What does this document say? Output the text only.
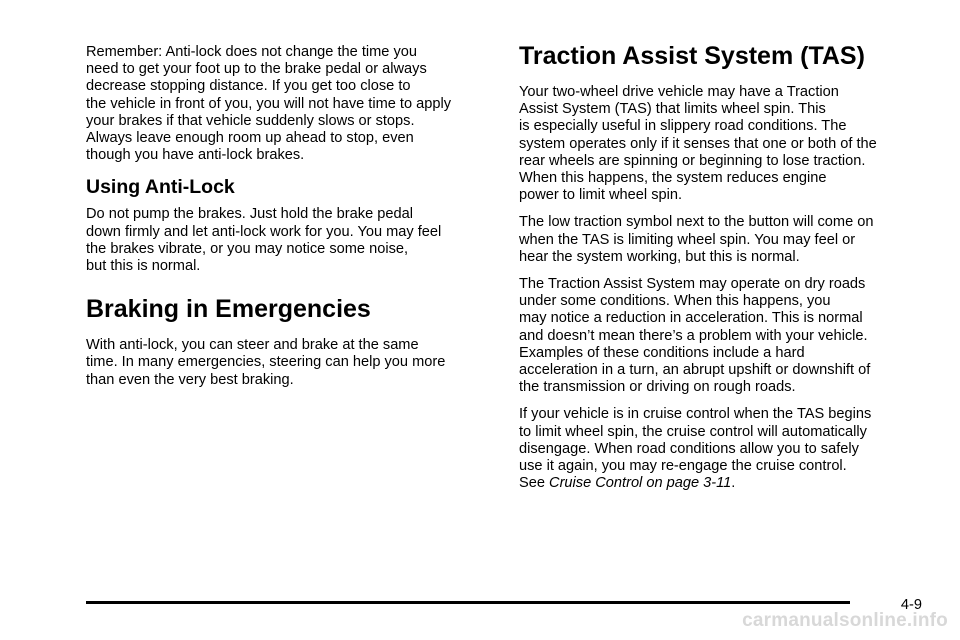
Remember: Anti-lock does not change the time you
need to get your foot up to the brake pedal or always
decrease stopping distance. If you get too close to
the vehicle in front of you, you will not have time to apply
your brakes if that vehicle suddenly slows or stops.
Always leave enough room up ahead to stop, even
though you have anti-lock brakes.

Using Anti-Lock

Do not pump the brakes. Just hold the brake pedal
down firmly and let anti-lock work for you. You may feel
the brakes vibrate, or you may notice some noise,
but this is normal.

Braking in Emergencies

With anti-lock, you can steer and brake at the same
time. In many emergencies, steering can help you more
than even the very best braking.

Traction Assist System (TAS)

Your two-wheel drive vehicle may have a Traction
Assist System (TAS) that limits wheel spin. This
is especially useful in slippery road conditions. The
system operates only if it senses that one or both of the
rear wheels are spinning or beginning to lose traction.
When this happens, the system reduces engine
power to limit wheel spin.

The low traction symbol next to the button will come on
when the TAS is limiting wheel spin. You may feel or
hear the system working, but this is normal.

The Traction Assist System may operate on dry roads
under some conditions. When this happens, you
may notice a reduction in acceleration. This is normal
and doesn’t mean there’s a problem with your vehicle.
Examples of these conditions include a hard
acceleration in a turn, an abrupt upshift or downshift of
the transmission or driving on rough roads.

If your vehicle is in cruise control when the TAS begins
to limit wheel spin, the cruise control will automatically
disengage. When road conditions allow you to safely
use it again, you may re-engage the cruise control.
See Cruise Control on page 3-11.

4-9
carmanualsonline.info
